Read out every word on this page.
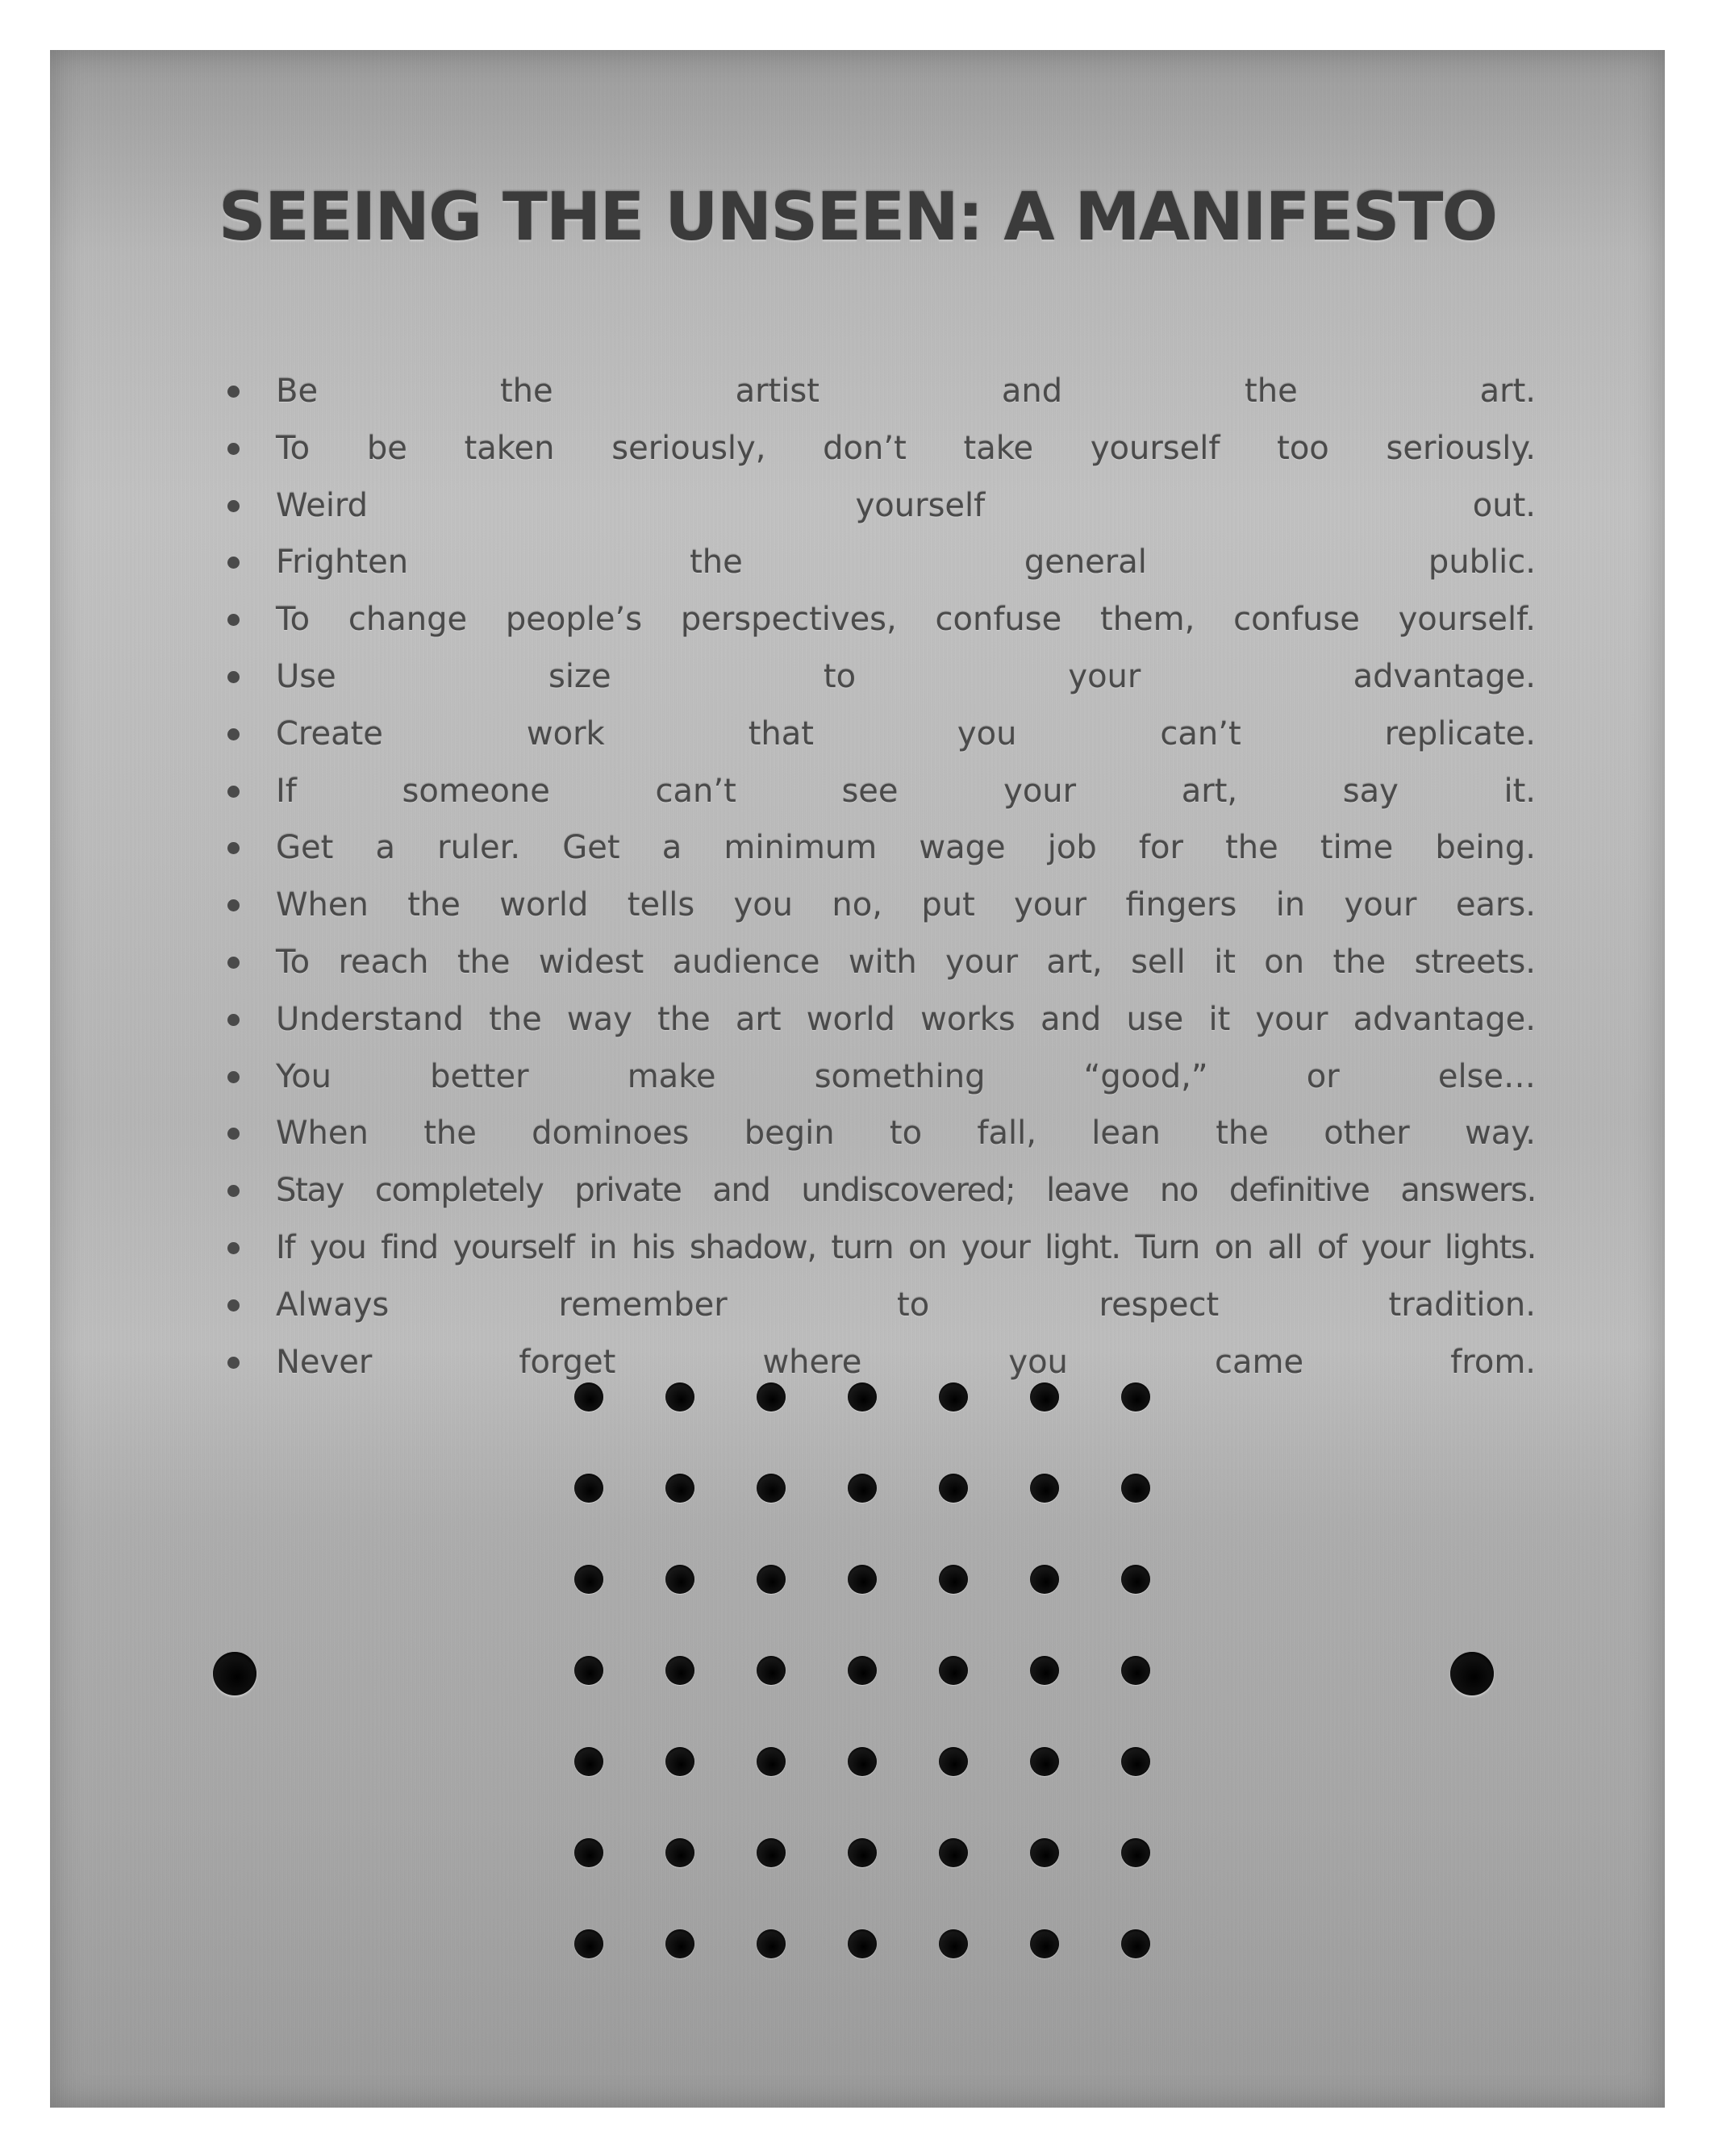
SEEING THE UNSEEN: A MANIFESTO
Be the artist and the art.
To be taken seriously, don’t take yourself too seriously.
Weird yourself out.
Frighten the general public.
To change people’s perspectives, confuse them, confuse yourself.
Use size to your advantage.
Create work that you can’t replicate.
If someone can’t see your art, say it.
Get a ruler. Get a minimum wage job for the time being.
When the world tells you no, put your fingers in your ears.
To reach the widest audience with your art, sell it on the streets.
Understand the way the art world works and use it your advantage.
You better make something “good,” or else…
When the dominoes begin to fall, lean the other way.
Stay completely private and undiscovered; leave no definitive answers.
If you find yourself in his shadow, turn on your light. Turn on all of your lights.
Always remember to respect tradition.
Never forget where you came from.
